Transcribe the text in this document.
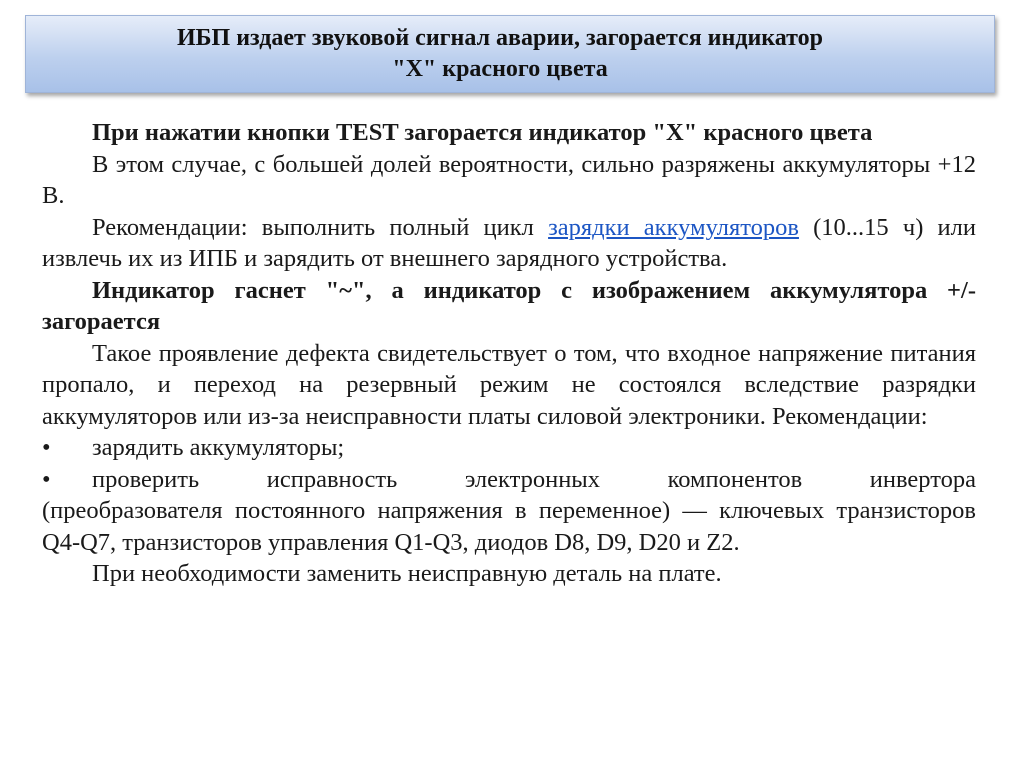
ИБП издает звуковой сигнал аварии, загорается индикатор "Х" красного цвета

При нажатии кнопки TEST загорается индикатор "Х" красного цвета

В этом случае, с большей долей вероятности, сильно разряжены аккумуляторы +12 В.

Рекомендации: выполнить полный цикл зарядки аккумуляторов (10...15 ч) или извлечь их из ИПБ и зарядить от внешнего зарядного устройства.

Индикатор гаснет "~", а индикатор с изображением аккумулятора +/- загорается

Такое проявление дефекта свидетельствует о том, что входное напряжение питания пропало, и переход на резервный режим не состоялся вследствие разрядки аккумуляторов или из-за неисправности платы силовой электроники. Рекомендации:

•	зарядить аккумуляторы;
•	проверить исправность электронных компонентов инвертора

(преобразователя постоянного напряжения в переменное) — ключевых транзисторов Q4-Q7, транзисторов управления Q1-Q3, диодов D8, D9, D20 и Z2.

При необходимости заменить неисправную деталь на плате.
